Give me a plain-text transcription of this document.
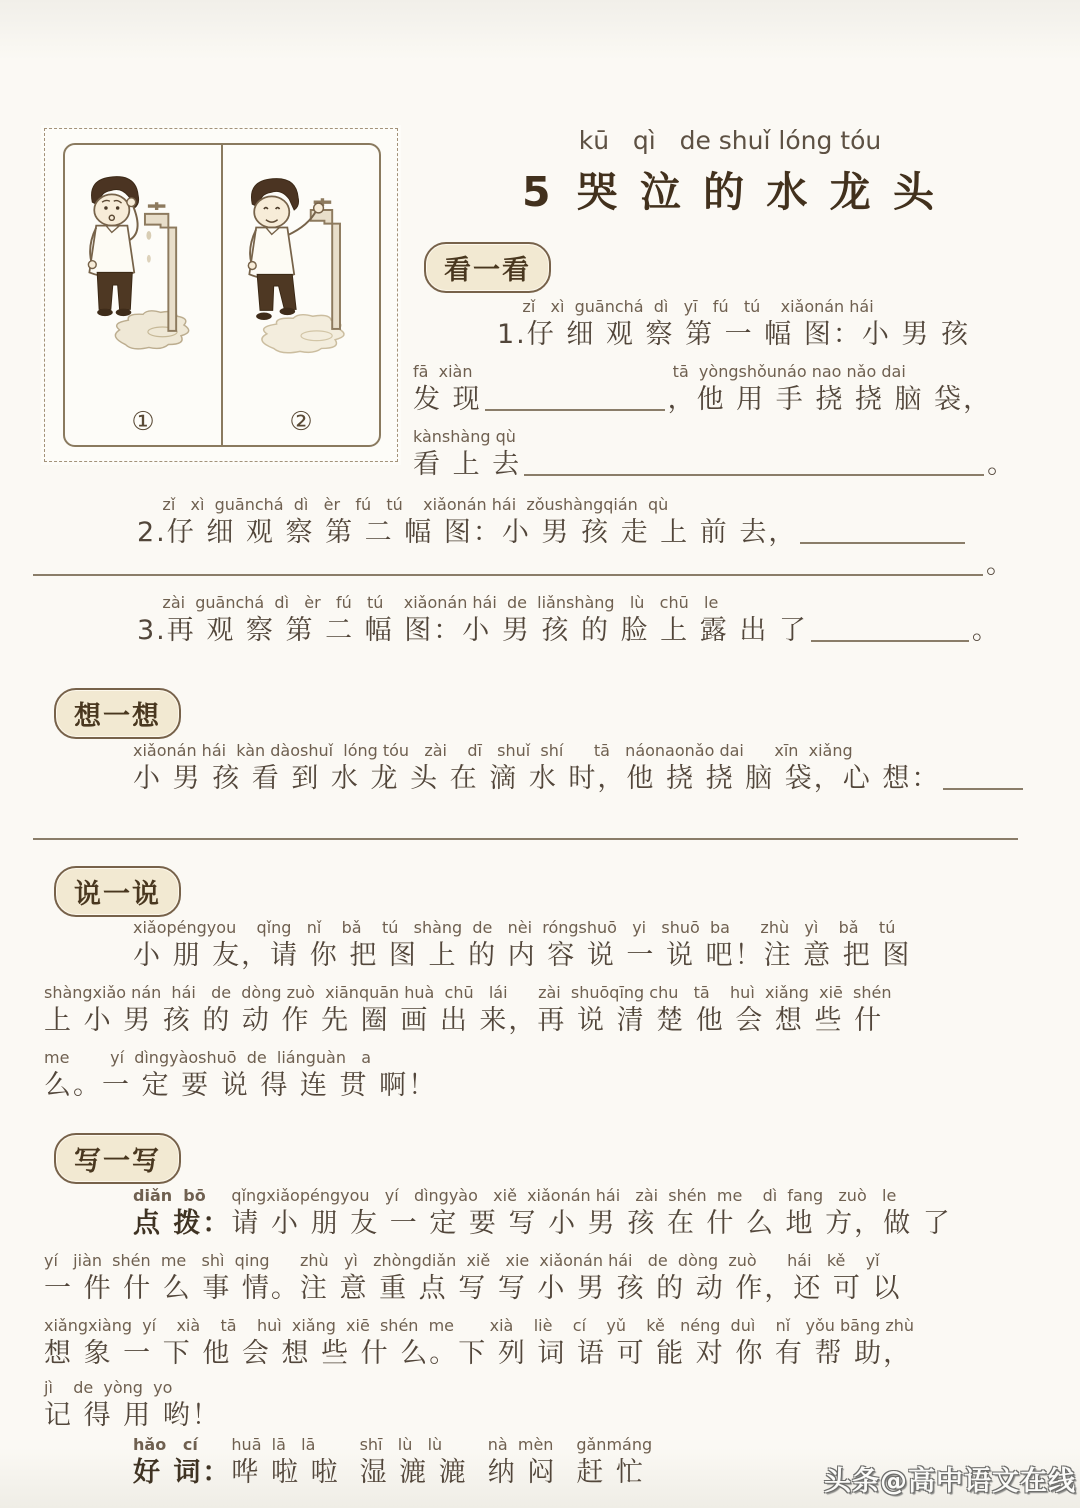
①	②
kū   qì   de shuǐ lóng tóu
5 哭 泣 的 水 龙 头
看一看
想一想
说一说
写一写
zǐ   xì  guānchá  dì   yī   fú   tú    xiǎonán hái
1.仔 细 观 察 第 一 幅 图：小 男 孩
fā  xiàn
发 现
tā  yòngshǒunáo nao nǎo dai
，他 用 手 挠 挠 脑 袋，
kànshàng qù
看 上 去	。
zǐ   xì  guānchá  dì   èr   fú   tú    xiǎonán hái  zǒushàngqián  qù
2.仔 细 观 察 第 二 幅 图：小 男 孩 走 上 前 去，
。
zài  guānchá  dì   èr   fú   tú    xiǎonán hái  de  liǎnshàng   lù   chū   le
3.再 观 察 第 二 幅 图：小 男 孩 的 脸 上 露 出 了	。
xiǎonán hái  kàn dàoshuǐ  lóng tóu   zài    dī   shuǐ  shí      tā   náonaonǎo dai      xīn  xiǎng
小 男 孩 看 到 水 龙 头 在 滴 水 时，他 挠 挠 脑 袋，心 想：
xiǎopéngyou    qǐng   nǐ    bǎ    tú   shàng  de   nèi  róngshuō   yi   shuō  ba      zhù   yì    bǎ    tú
小 朋 友，请 你 把 图 上 的 内 容 说 一 说 吧！注 意 把 图
shàngxiǎo nán  hái   de  dòng zuò  xiānquān huà  chū   lái      zài  shuōqīng chu   tā    huì  xiǎng  xiē  shén
上 小 男 孩 的 动 作 先 圈 画 出 来，再 说 清 楚 他 会 想 些 什
me        yí  dìngyàoshuō  de  liánguàn   a
么。一 定 要 说 得 连 贯 啊！
diǎn  bō
点 拨：
qǐngxiǎopéngyou   yí   dìngyào   xiě  xiǎonán hái   zài  shén  me    dì  fang   zuò   le
请 小 朋 友 一 定 要 写 小 男 孩 在 什 么 地 方，做 了
yí   jiàn  shén  me   shì  qing      zhù   yì   zhòngdiǎn  xiě   xie  xiǎonán hái   de  dòng  zuò      hái   kě    yǐ
一 件 什 么 事 情。注 意 重 点 写 写 小 男 孩 的 动 作，还 可 以
xiǎngxiàng  yí    xià    tā    huì  xiǎng  xiē  shén  me       xià    liè    cí    yǔ    kě   néng  duì    nǐ   yǒu bāng zhù
想 象 一 下 他 会 想 些 什 么。下 列 词 语 可 能 对 你 有 帮 助，
jì    de  yòng  yo
记 得 用 哟！
hǎo   cí
好 词：
huā  lā   lā
哗 啦 啦
shī   lù   lù
湿 漉 漉
nà  mèn
纳 闷
gǎnmáng
赶 忙	头条@高中语文在线
